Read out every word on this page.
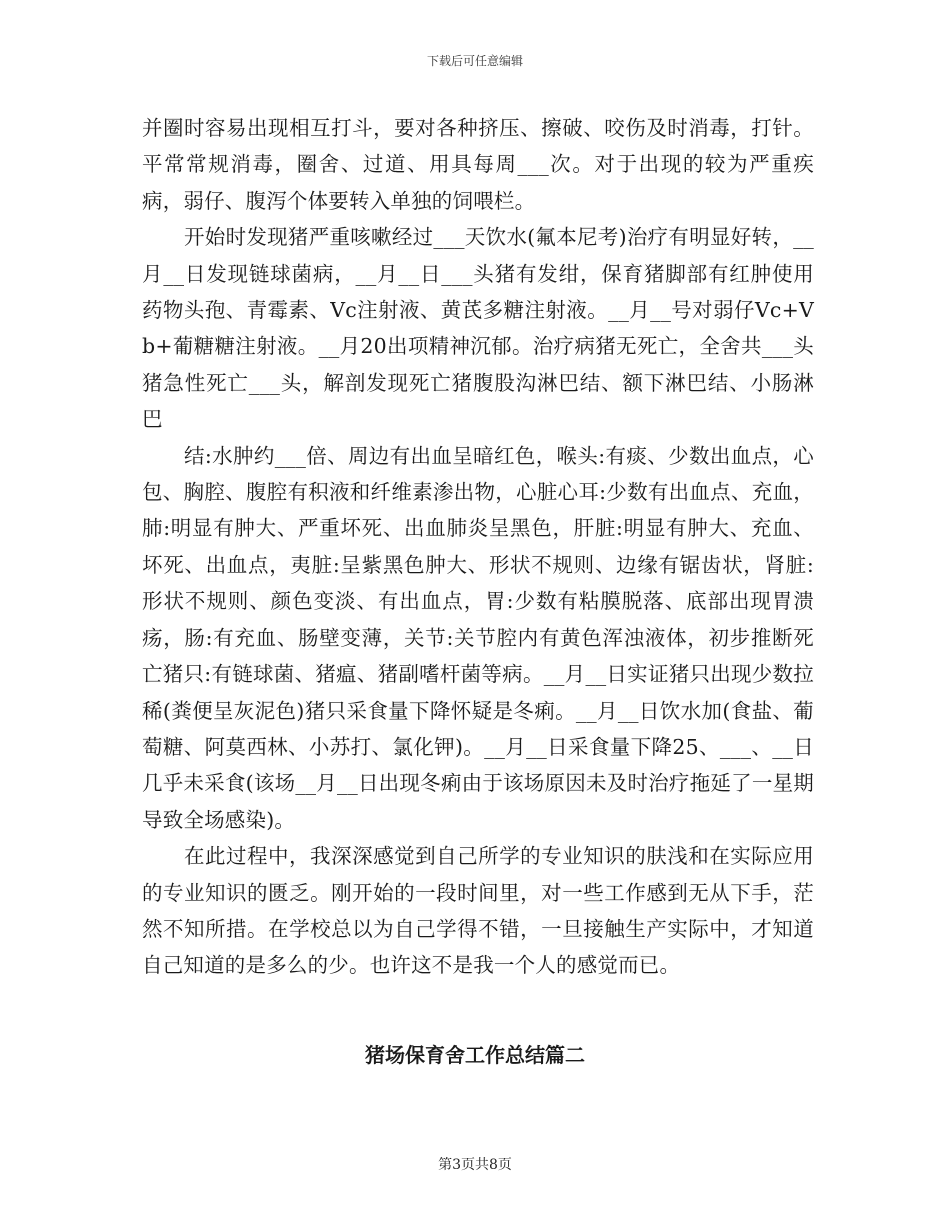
下载后可任意编辑

并圈时容易出现相互打斗，要对各种挤压、擦破、咬伤及时消毒，打针。平常常规消毒，圈舍、过道、用具每周___次。对于出现的较为严重疾病，弱仔、腹泻个体要转入单独的饲喂栏。

开始时发现猪严重咳嗽经过___天饮水(氟本尼考)治疗有明显好转，__月__日发现链球菌病，__月__日___头猪有发绀，保育猪脚部有红肿使用药物头孢、青霉素、Vc注射液、黄芪多糖注射液。__月__号对弱仔Vc+Vb+葡糖糖注射液。__月20出项精神沉郁。治疗病猪无死亡，全舍共___头猪急性死亡___头，解剖发现死亡猪腹股沟淋巴结、额下淋巴结、小肠淋巴

结:水肿约___倍、周边有出血呈暗红色，喉头:有痰、少数出血点，心包、胸腔、腹腔有积液和纤维素渗出物，心脏心耳:少数有出血点、充血，肺:明显有肿大、严重坏死、出血肺炎呈黑色，肝脏:明显有肿大、充血、坏死、出血点，夷脏:呈紫黑色肿大、形状不规则、边缘有锯齿状，肾脏:形状不规则、颜色变淡、有出血点，胃:少数有粘膜脱落、底部出现胃溃疡，肠:有充血、肠壁变薄，关节:关节腔内有黄色浑浊液体，初步推断死亡猪只:有链球菌、猪瘟、猪副嗜杆菌等病。__月__日实证猪只出现少数拉稀(粪便呈灰泥色)猪只采食量下降怀疑是冬痢。__月__日饮水加(食盐、葡萄糖、阿莫西林、小苏打、氯化钾)。__月__日采食量下降25、___、__日几乎未采食(该场__月__日出现冬痢由于该场原因未及时治疗拖延了一星期导致全场感染)。

在此过程中，我深深感觉到自己所学的专业知识的肤浅和在实际应用的专业知识的匮乏。刚开始的一段时间里，对一些工作感到无从下手，茫然不知所措。在学校总以为自己学得不错，一旦接触生产实际中，才知道自己知道的是多么的少。也许这不是我一个人的感觉而已。

猪场保育舍工作总结篇二
第3页共8页
